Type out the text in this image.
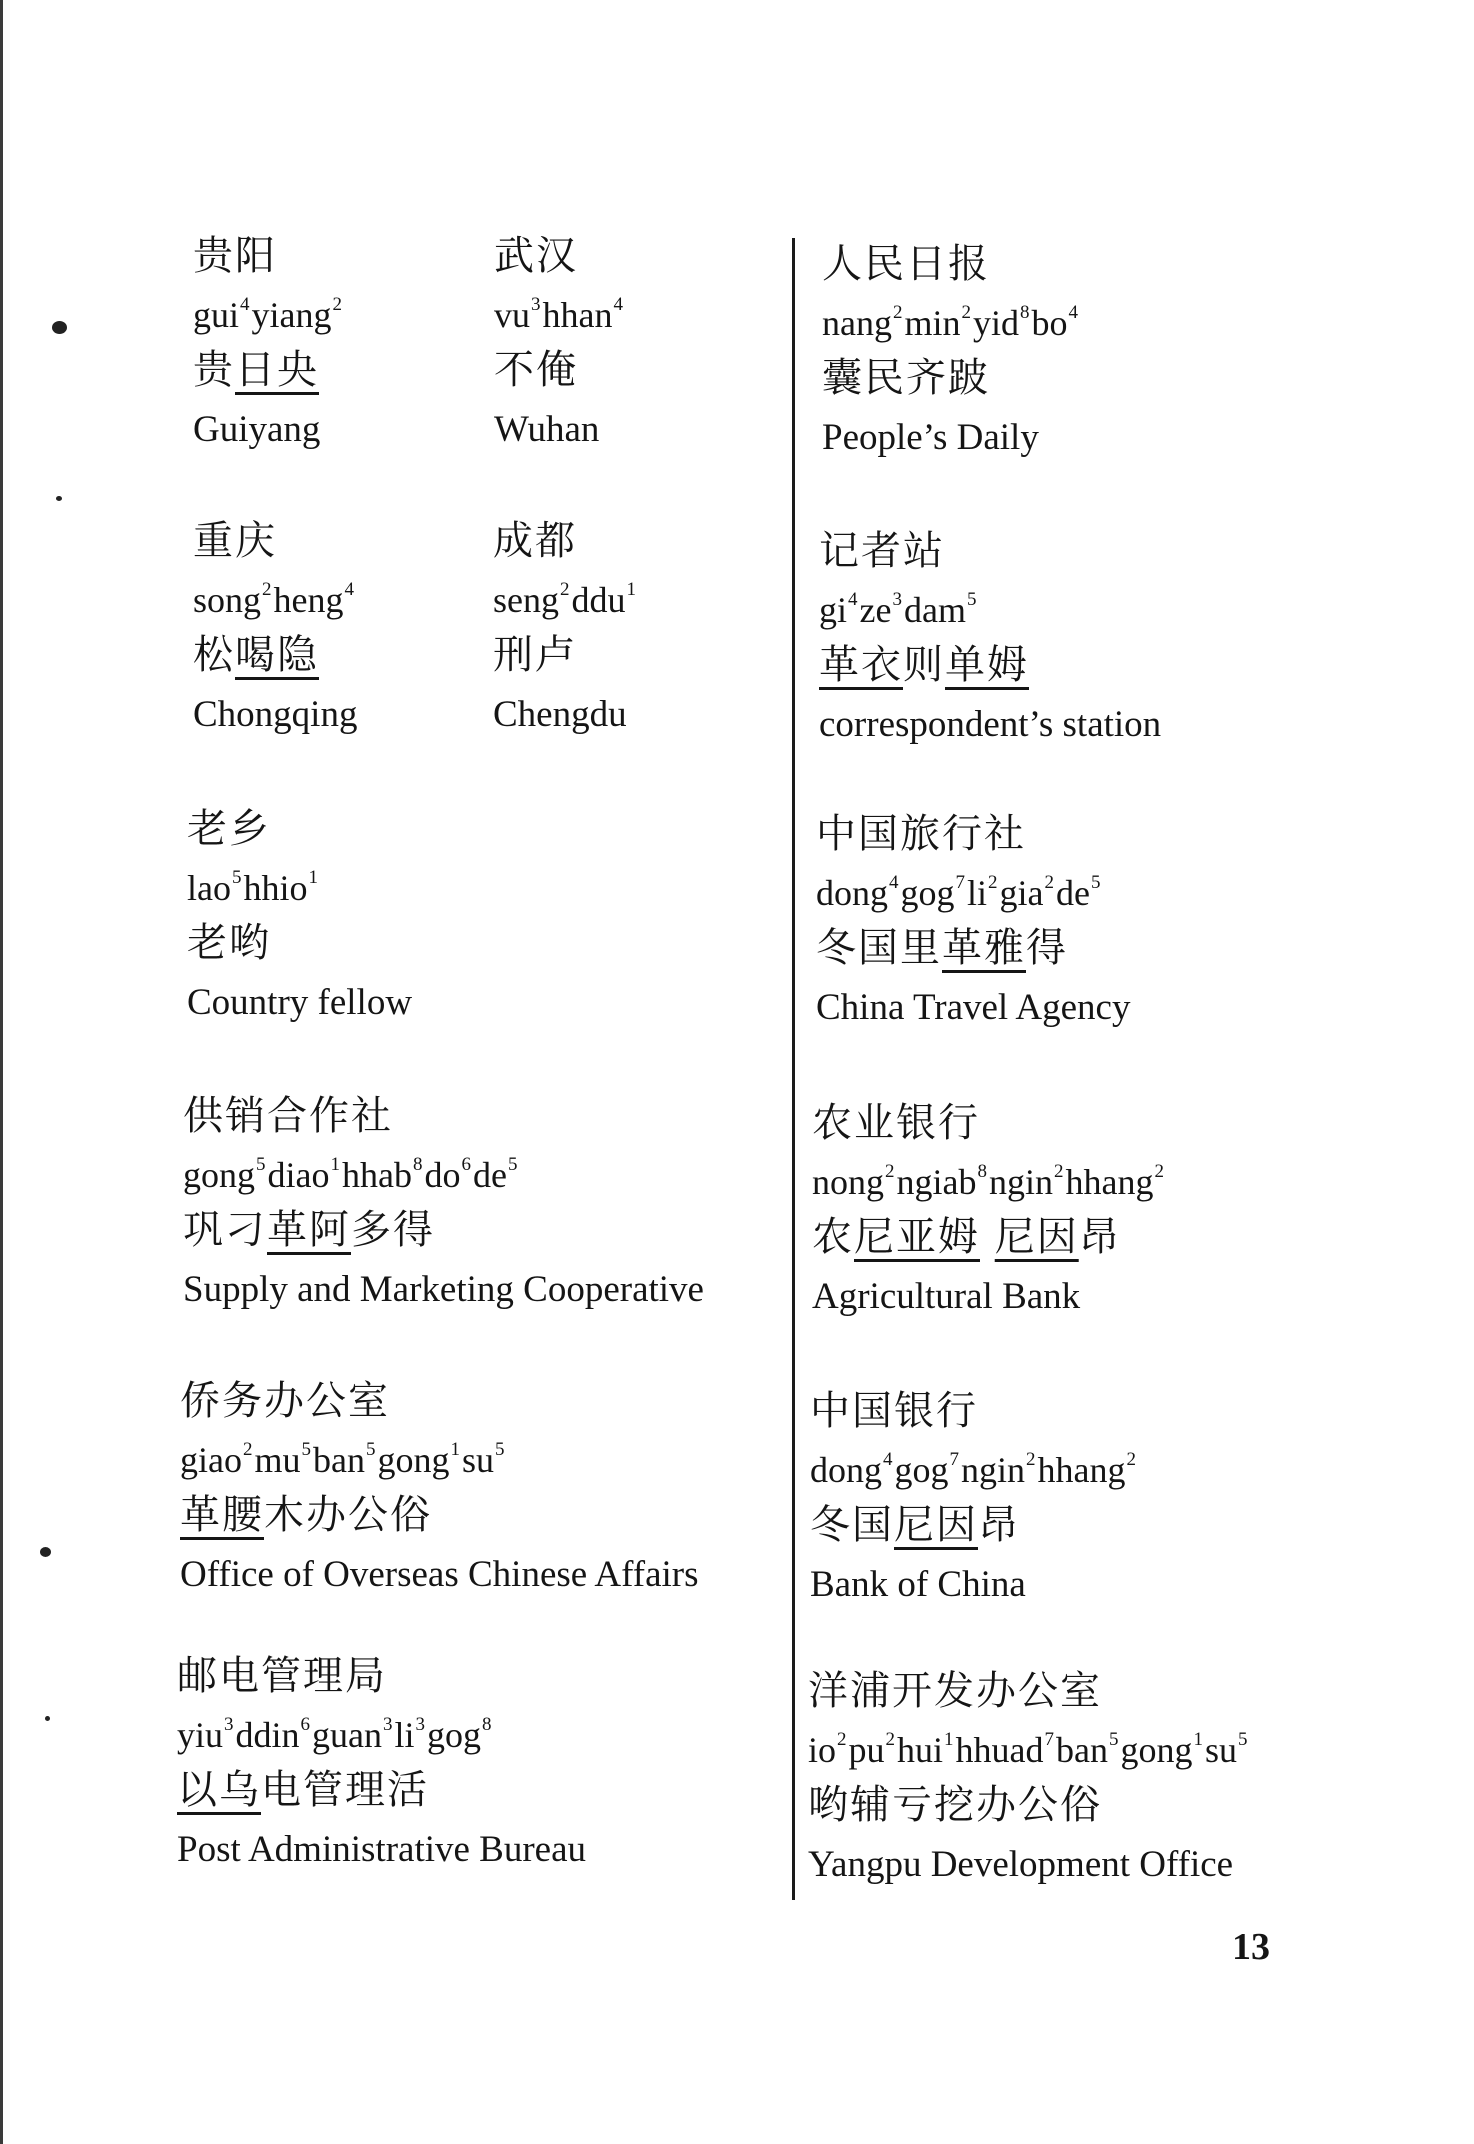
贵阳
gui$^4$yiang$^2$
贵日央
Guiyang
武汉
$vu^3hhan^4$
不俺
Wuhan
人民日报
$nang^2\min^2yid^8bo^4$
囊民齐跛
People’s Daily
重庆
song$^2$heng$^4$
松喝隐
Chongqing
成都
seng$^2$ddu$^1$
刑卢
Chengdu
记者站
$gi^4ze^3dam^5$
革衣则单姆
correspondent’s station
老乡
lao$^5$hhio$^1$
老哟
Country fellow
中国旅行社
$dong^4gog^7li^2gia^2de^5$
冬国里革雅得
China Travel Agency
供销合作社
$gong^5diao^1hhab^8do^6de^5$
巩刁革阿多得
Supply and Marketing Cooperative
农业银行
nong$^2$ngiab$^8$ngin$^2$hhang$^2$
农尼亚姆 尼因昂
Agricultural Bank
侨务办公室
$giao^2mu^5ban^5gong^1su^5$
革腰木办公俗
Office of Overseas Chinese Affairs
中国银行
dong$^4$gog$^7$ngin$^2$hhang$^2$
冬国尼因昂
Bank of China
邮电管理局
$yiu^3ddin^6guan^3li^3gog^8$
以乌电管理活
Post Administrative Bureau
洋浦开发办公室
$io^2pu^2hui^1hhuad^7ban^5gong^1su^5$
哟辅亏挖办公俗
Yangpu Development Office
13
